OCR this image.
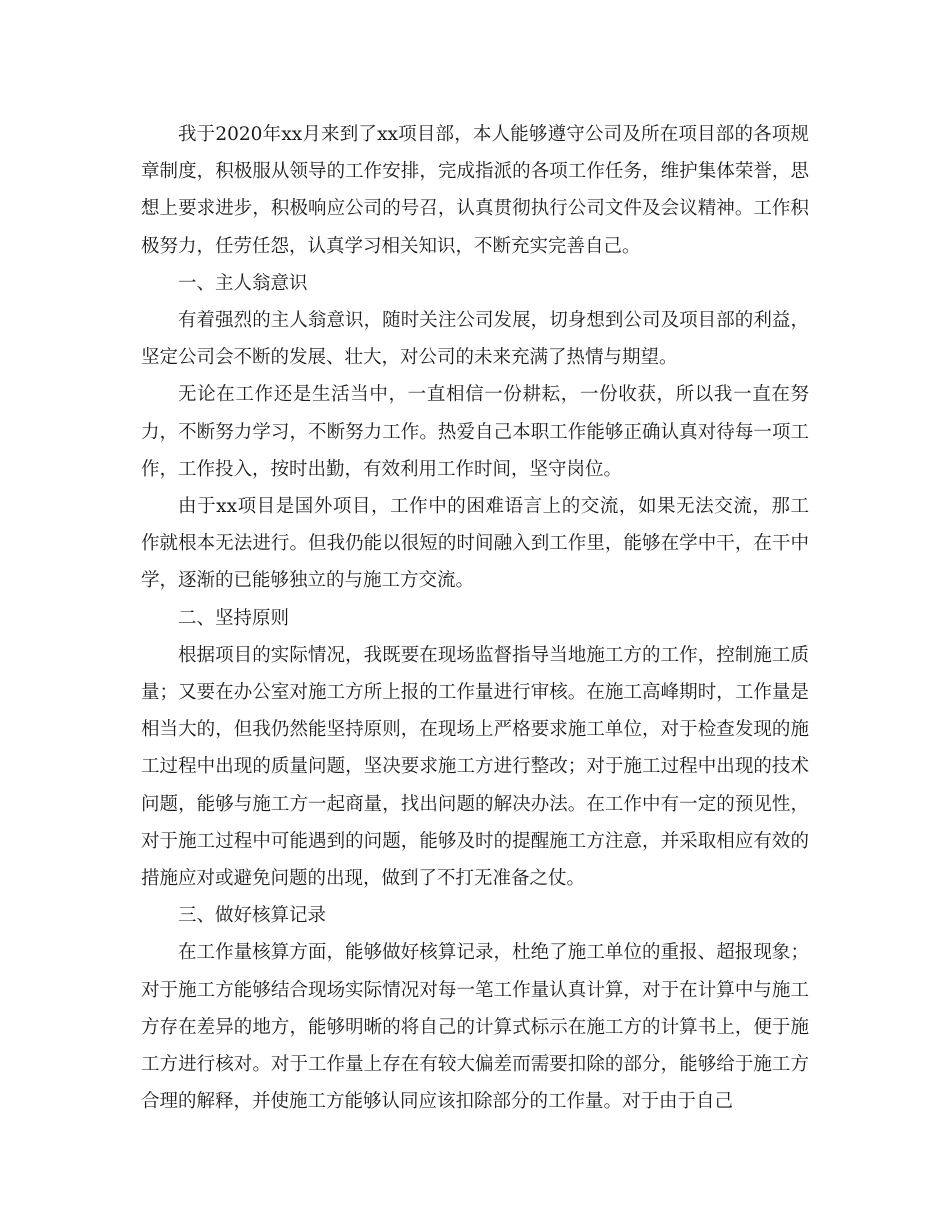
我于2020年xx月来到了xx项目部，本人能够遵守公司及所在项目部的各项规章制度，积极服从领导的工作安排，完成指派的各项工作任务，维护集体荣誉，思想上要求进步，积极响应公司的号召，认真贯彻执行公司文件及会议精神。工作积极努力，任劳任怨，认真学习相关知识，不断充实完善自己。

一、主人翁意识

有着强烈的主人翁意识，随时关注公司发展，切身想到公司及项目部的利益，坚定公司会不断的发展、壮大，对公司的未来充满了热情与期望。

无论在工作还是生活当中，一直相信一份耕耘，一份收获，所以我一直在努力，不断努力学习，不断努力工作。热爱自己本职工作能够正确认真对待每一项工作，工作投入，按时出勤，有效利用工作时间，坚守岗位。

由于xx项目是国外项目，工作中的困难语言上的交流，如果无法交流，那工作就根本无法进行。但我仍能以很短的时间融入到工作里，能够在学中干，在干中学，逐渐的已能够独立的与施工方交流。

二、坚持原则

根据项目的实际情况，我既要在现场监督指导当地施工方的工作，控制施工质量；又要在办公室对施工方所上报的工作量进行审核。在施工高峰期时，工作量是相当大的，但我仍然能坚持原则，在现场上严格要求施工单位，对于检查发现的施工过程中出现的质量问题，坚决要求施工方进行整改；对于施工过程中出现的技术问题，能够与施工方一起商量，找出问题的解决办法。在工作中有一定的预见性，对于施工过程中可能遇到的问题，能够及时的提醒施工方注意，并采取相应有效的措施应对或避免问题的出现，做到了不打无准备之仗。

三、做好核算记录

在工作量核算方面，能够做好核算记录，杜绝了施工单位的重报、超报现象；对于施工方能够结合现场实际情况对每一笔工作量认真计算，对于在计算中与施工方存在差异的地方，能够明晰的将自己的计算式标示在施工方的计算书上，便于施工方进行核对。对于工作量上存在有较大偏差而需要扣除的部分，能够给于施工方合理的解释，并使施工方能够认同应该扣除部分的工作量。对于由于自己
